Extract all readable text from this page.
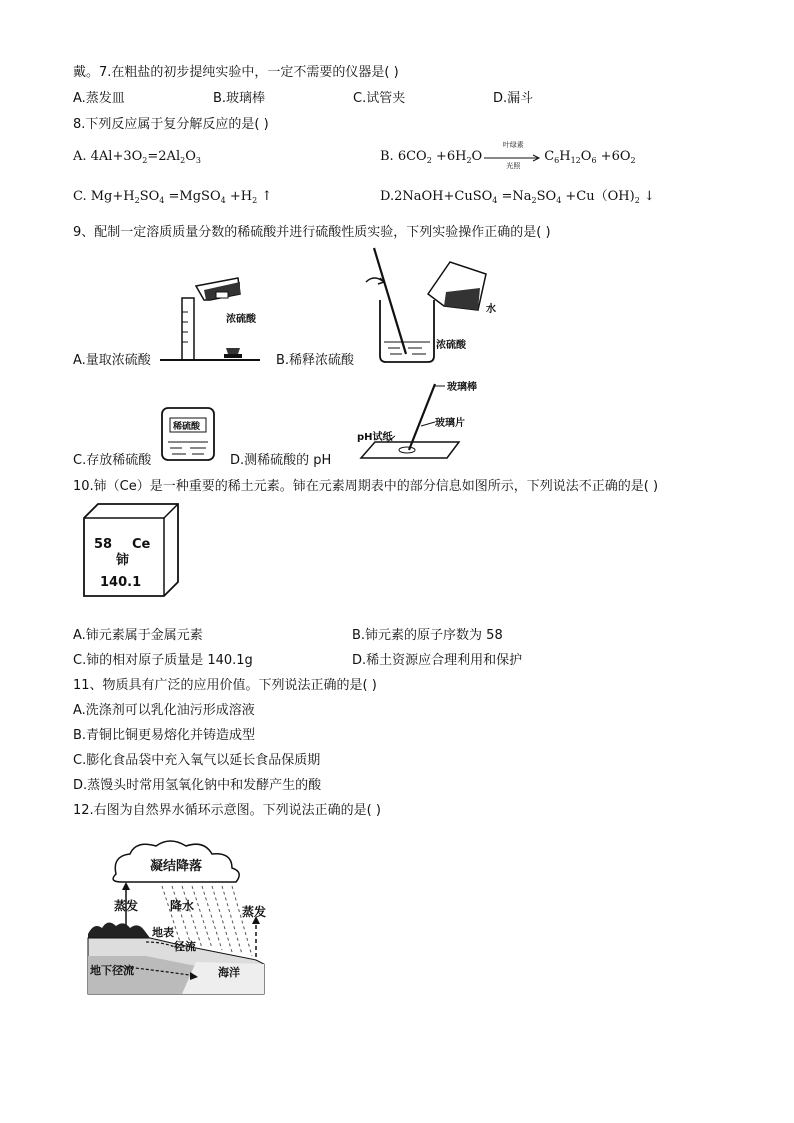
戴。7.在粗盐的初步提纯实验中，一定不需要的仪器是( )
A.蒸发皿	B.玻璃棒	C.试管夹	D.漏斗
8.下列反应属于复分解反应的是( )
A. $4Al+3O_2=2Al_2O_3$	B. $6CO_2 +6H_2O$
叶绿素
光照
$C_6H_{12}O_6 +6O_2$
C. $Mg+H_2SO_4$ =MgSO$_4$ $+H_2$ ↑	D.2NaOH+CuSO$_4$ $=Na_2SO_4 +Cu(OH)_2$ ↓
9、配制一定溶质质量分数的稀硫酸并进行硫酸性质实验，下列实验操作正确的是( )
浓硫酸
A.量取浓硫酸
水
浓硫酸
B.稀释浓硫酸
稀硫酸
C.存放稀硫酸
玻璃棒
玻璃片
pH试纸
D.测稀硫酸的 pH
10.铈（Ce）是一种重要的稀土元素。铈在元素周期表中的部分信息如图所示，下列说法不正确的是( )
58 Ce
铈
140.1
A.铈元素属于金属元素	B.铈元素的原子序数为 58
C.铈的相对原子质量是 140.1g	D.稀土资源应合理利用和保护
11、物质具有广泛的应用价值。下列说法正确的是( )
A.洗涤剂可以乳化油污形成溶液
B.青铜比铜更易熔化并铸造成型
C.膨化食品袋中充入氧气以延长食品保质期
D.蒸馒头时常用氢氧化钠中和发酵产生的酸
12.右图为自然界水循环示意图。下列说法正确的是( )
凝结降落
蒸发	降水	蒸发
地表
径流
地下径流	海洋
